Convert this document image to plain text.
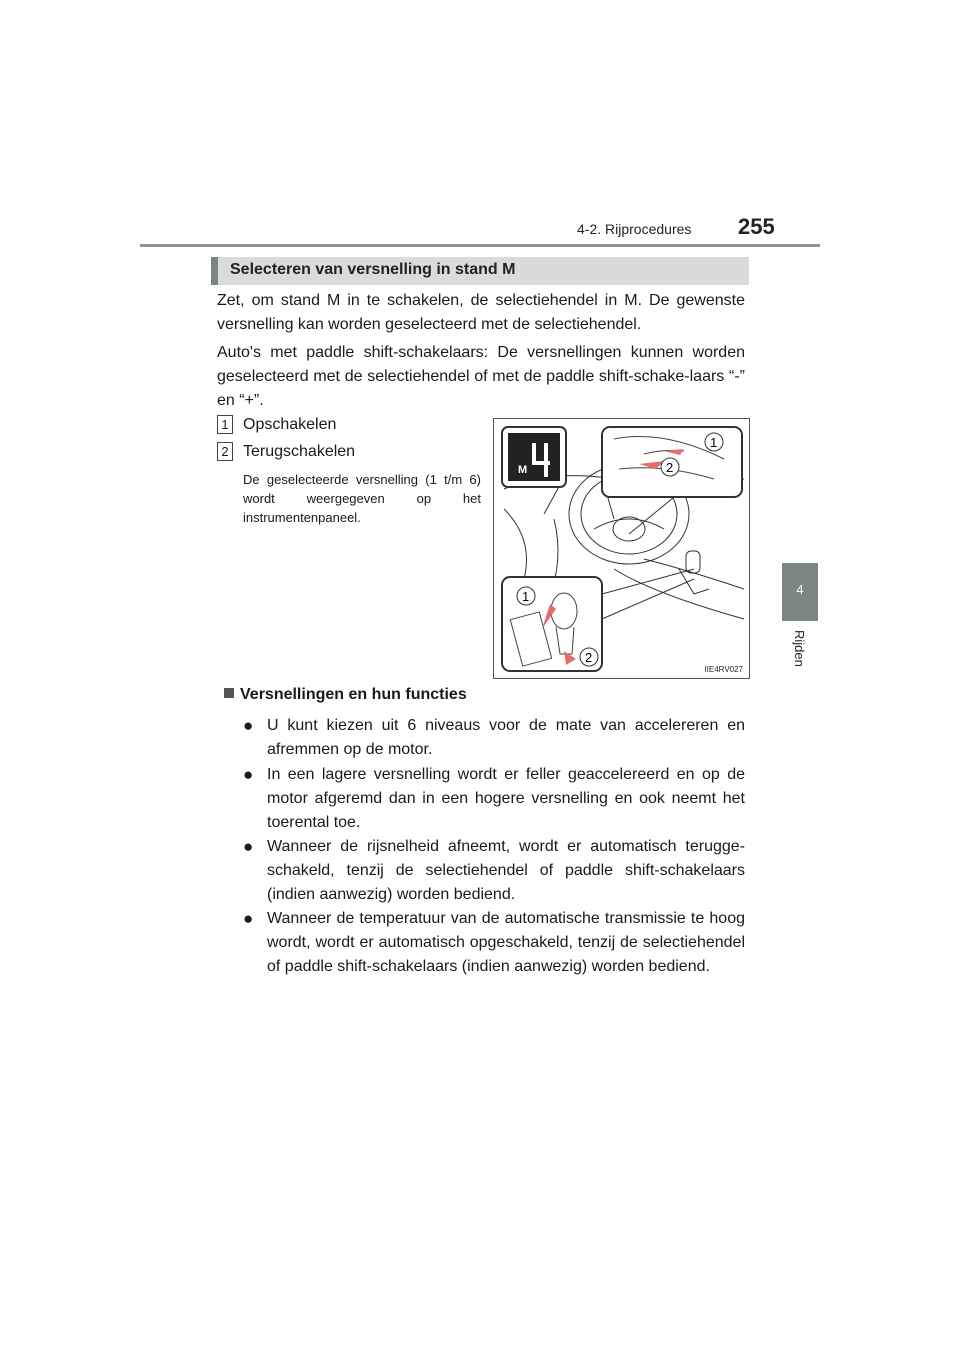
4-2. Rijprocedures 255
4
Rijden
Selecteren van versnelling in stand M
Zet, om stand M in te schakelen, de selectiehendel in M. De gewenste versnelling kan worden geselecteerd met de selectiehendel.
Auto's met paddle shift-schakelaars: De versnellingen kunnen worden geselecteerd met de selectiehendel of met de paddle shift-schake-laars “-” en “+”.
1 Opschakelen
2 Terugschakelen
De geselecteerde versnelling (1 t/m 6) wordt weergegeven op het instrumentenpaneel.
M
1
2
1
2
IIE4RV027
Versnellingen en hun functies
● U kunt kiezen uit 6 niveaus voor de mate van accelereren en afremmen op de motor.
● In een lagere versnelling wordt er feller geaccelereerd en op de motor afgeremd dan in een hogere versnelling en ook neemt het toerental toe.
● Wanneer de rijsnelheid afneemt, wordt er automatisch terugge-schakeld, tenzij de selectiehendel of paddle shift-schakelaars (indien aanwezig) worden bediend.
● Wanneer de temperatuur van de automatische transmissie te hoog wordt, wordt er automatisch opgeschakeld, tenzij de selectiehendel of paddle shift-schakelaars (indien aanwezig) worden bediend.
